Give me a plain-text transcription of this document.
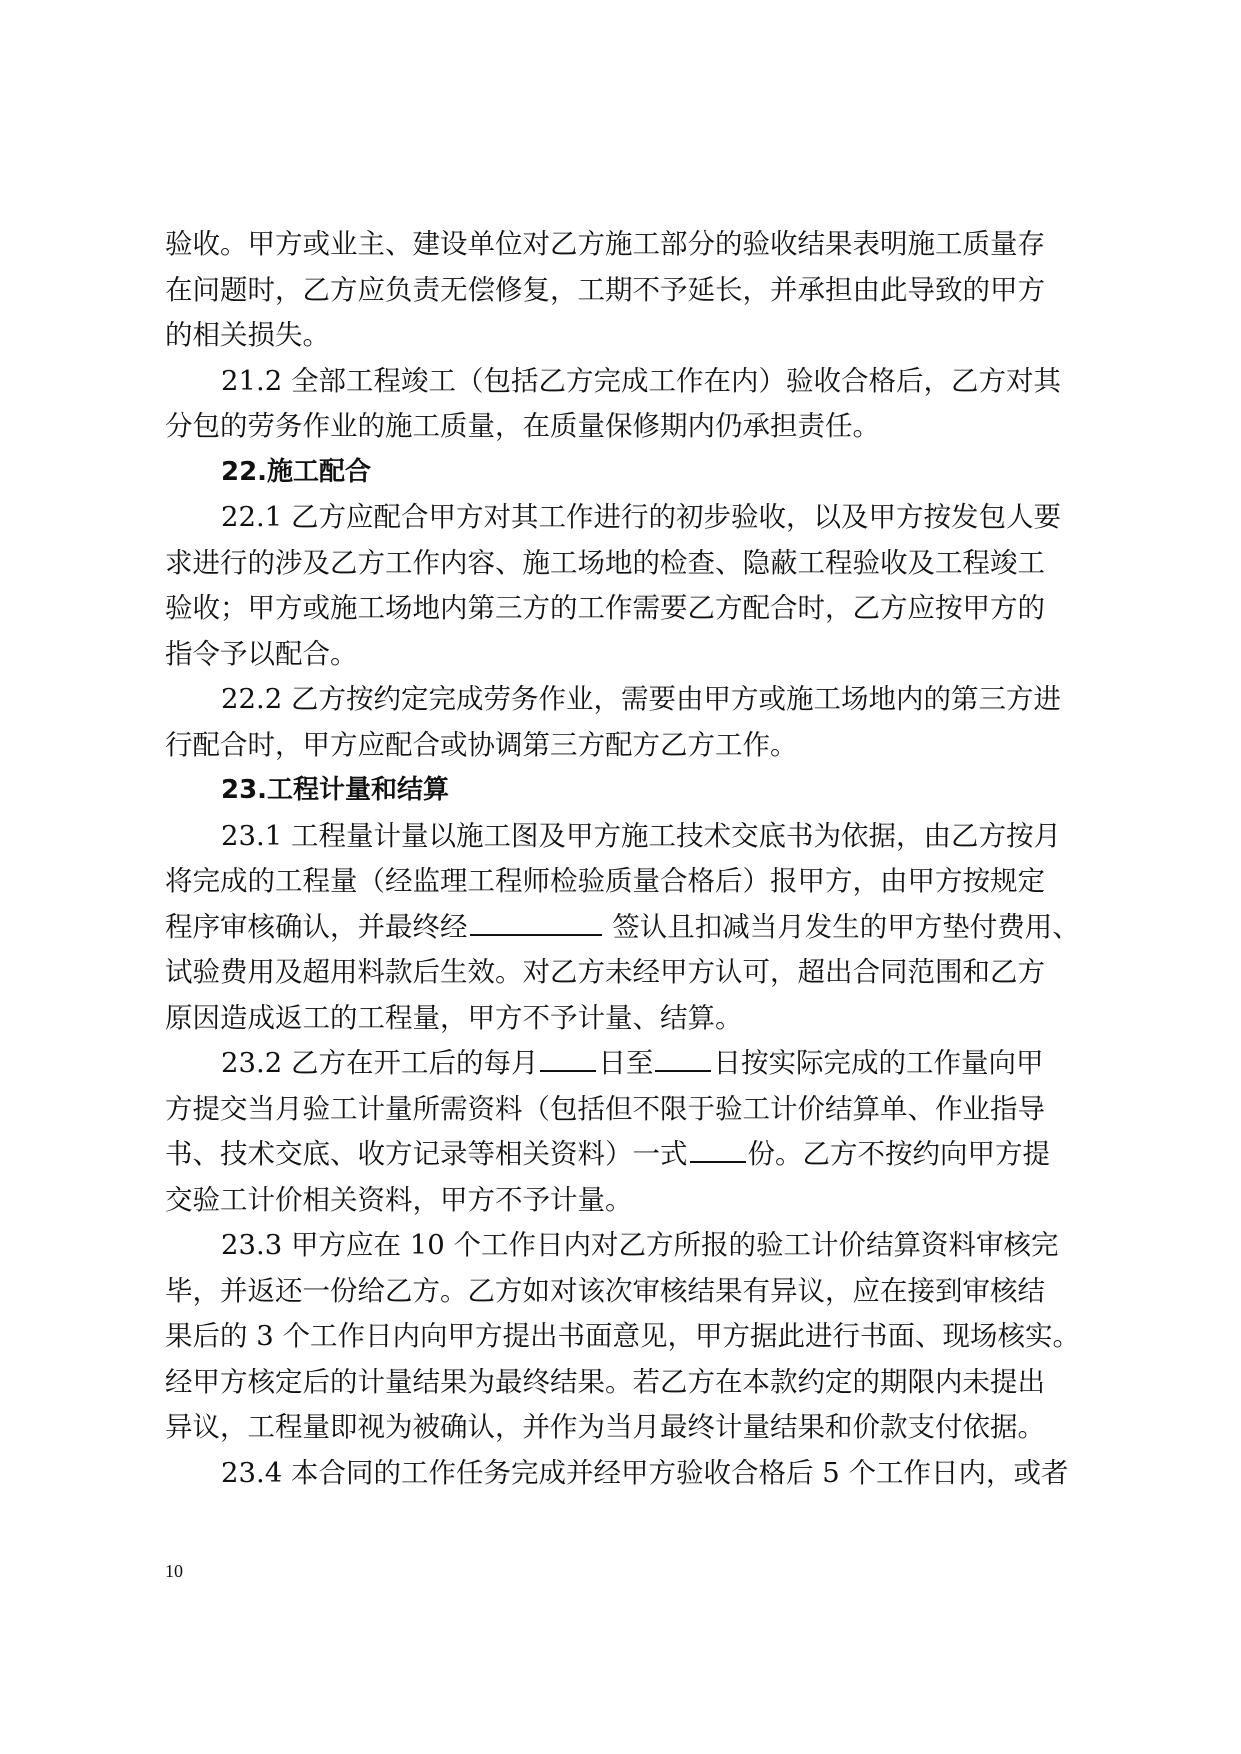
验收。甲方或业主、建设单位对乙方施工部分的验收结果表明施工质量存
在问题时，乙方应负责无偿修复，工期不予延长，并承担由此导致的甲方
的相关损失。
21.2 全部工程竣工（包括乙方完成工作在内）验收合格后，乙方对其
分包的劳务作业的施工质量，在质量保修期内仍承担责任。
22.施工配合
22.1 乙方应配合甲方对其工作进行的初步验收，以及甲方按发包人要
求进行的涉及乙方工作内容、施工场地的检查、隐蔽工程验收及工程竣工
验收；甲方或施工场地内第三方的工作需要乙方配合时，乙方应按甲方的
指令予以配合。
22.2 乙方按约定完成劳务作业，需要由甲方或施工场地内的第三方进
行配合时，甲方应配合或协调第三方配方乙方工作。
23.工程计量和结算
23.1 工程量计量以施工图及甲方施工技术交底书为依据，由乙方按月
将完成的工程量（经监理工程师检验质量合格后）报甲方，由甲方按规定
程序审核确认，并最终经	签认且扣减当月发生的甲方垫付费用、
试验费用及超用料款后生效。对乙方未经甲方认可，超出合同范围和乙方
原因造成返工的工程量，甲方不予计量、结算。
23.2 乙方在开工后的每月 日至 日按实际完成的工作量向甲
方提交当月验工计量所需资料（包括但不限于验工计价结算单、作业指导
书、技术交底、收方记录等相关资料）一式 份。乙方不按约向甲方提
交验工计价相关资料，甲方不予计量。
23.3 甲方应在 10 个工作日内对乙方所报的验工计价结算资料审核完
毕，并返还一份给乙方。乙方如对该次审核结果有异议，应在接到审核结
果后的 3 个工作日内向甲方提出书面意见，甲方据此进行书面、现场核实。
经甲方核定后的计量结果为最终结果。若乙方在本款约定的期限内未提出
异议，工程量即视为被确认，并作为当月最终计量结果和价款支付依据。
23.4 本合同的工作任务完成并经甲方验收合格后 5 个工作日内，或者
10
